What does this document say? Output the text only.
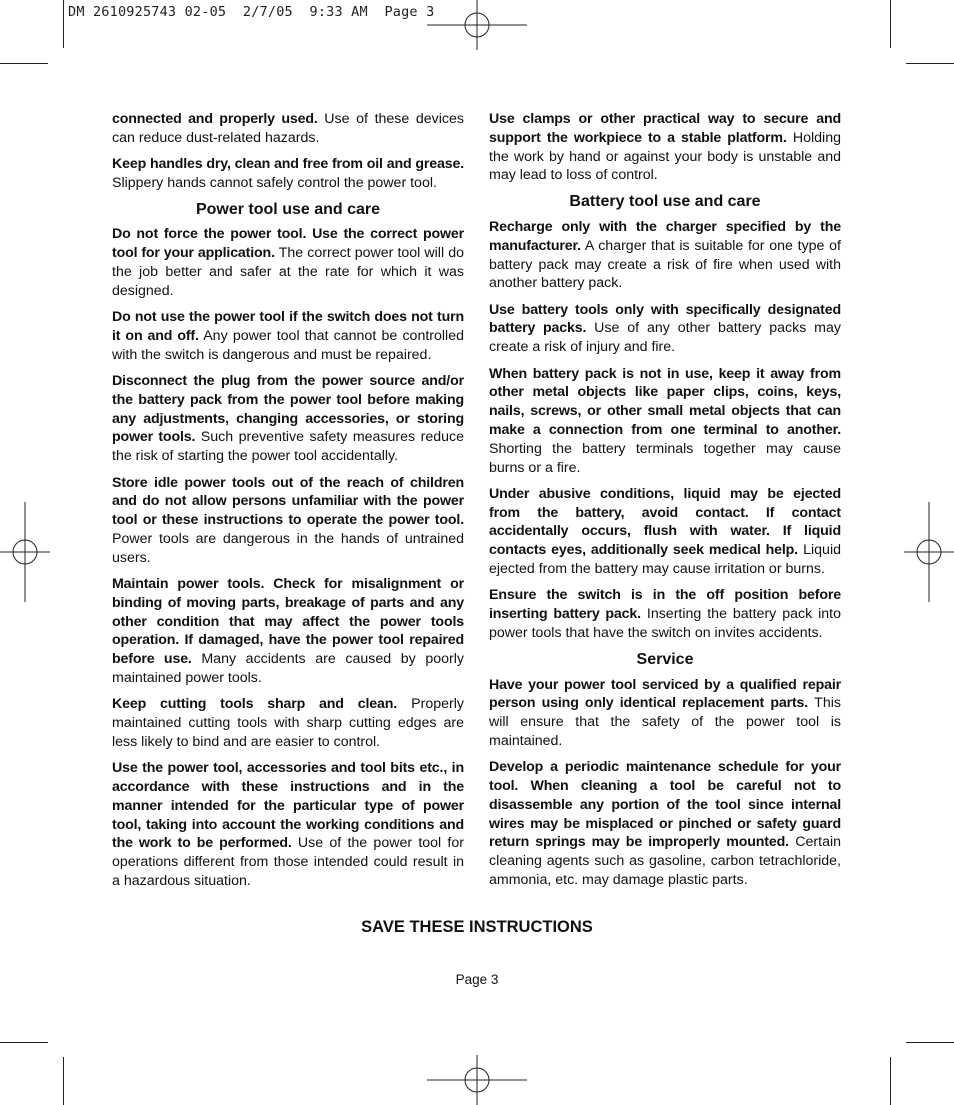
DM 2610925743 02-05  2/7/05  9:33 AM  Page 3

connected and properly used. Use of these devices can reduce dust-related hazards.

Keep handles dry, clean and free from oil and grease. Slippery hands cannot safely control the power tool.

Power tool use and care

Do not force the power tool. Use the correct power tool for your application. The correct power tool will do the job better and safer at the rate for which it was designed.

Do not use the power tool if the switch does not turn it on and off. Any power tool that cannot be controlled with the switch is dangerous and must be repaired.

Disconnect the plug from the power source and/or the battery pack from the power tool before making any adjustments, changing accessories, or storing power tools. Such preventive safety measures reduce the risk of starting the power tool accidentally.

Store idle power tools out of the reach of children and do not allow persons unfamiliar with the power tool or these instructions to operate the power tool. Power tools are dangerous in the hands of untrained users.

Maintain power tools. Check for misalignment or binding of moving parts, breakage of parts and any other condition that may affect the power tools operation. If damaged, have the power tool repaired before use. Many accidents are caused by poorly maintained power tools.

Keep cutting tools sharp and clean. Properly maintained cutting tools with sharp cutting edges are less likely to bind and are easier to control.

Use the power tool, accessories and tool bits etc., in accordance with these instructions and in the manner intended for the particular type of power tool, taking into account the working conditions and the work to be performed. Use of the power tool for operations different from those intended could result in a hazardous situation.

Use clamps or other practical way to secure and support the workpiece to a stable platform. Holding the work by hand or against your body is unstable and may lead to loss of control.

Battery tool use and care

Recharge only with the charger specified by the manufacturer. A charger that is suitable for one type of battery pack may create a risk of fire when used with another battery pack.

Use battery tools only with specifically designated battery packs. Use of any other battery packs may create a risk of injury and fire.

When battery pack is not in use, keep it away from other metal objects like paper clips, coins, keys, nails, screws, or other small metal objects that can make a connection from one terminal to another. Shorting the battery terminals together may cause burns or a fire.

Under abusive conditions, liquid may be ejected from the battery, avoid contact. If contact accidentally occurs, flush with water. If liquid contacts eyes, additionally seek medical help. Liquid ejected from the battery may cause irritation or burns.

Ensure the switch is in the off position before inserting battery pack. Inserting the battery pack into power tools that have the switch on invites accidents.

Service

Have your power tool serviced by a qualified repair person using only identical replacement parts. This will ensure that the safety of the power tool is maintained.

Develop a periodic maintenance schedule for your tool. When cleaning a tool be careful not to disassemble any portion of the tool since internal wires may be misplaced or pinched or safety guard return springs may be improperly mounted. Certain cleaning agents such as gasoline, carbon tetrachloride, ammonia, etc. may damage plastic parts.

SAVE THESE INSTRUCTIONS
Page 3
